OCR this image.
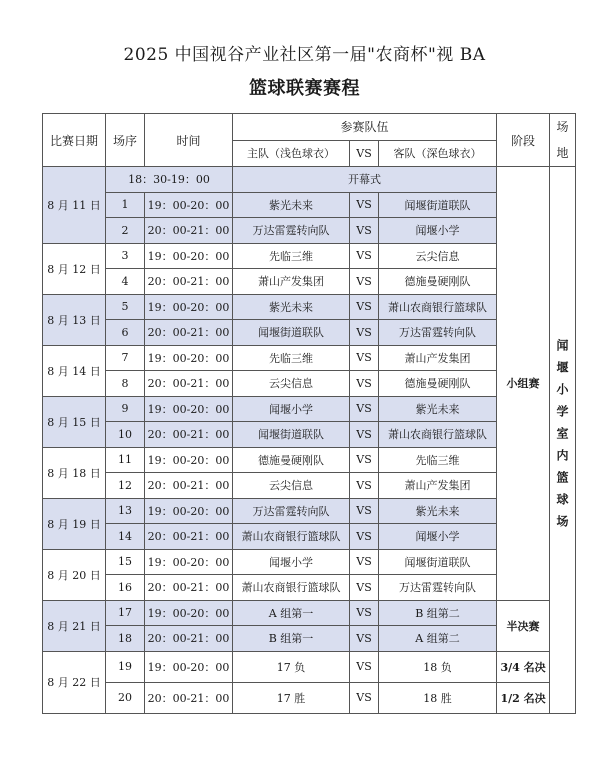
2025 中国视谷产业社区第一届"农商杯"视 BA
篮球联赛赛程
比赛日期	场序	时间	参赛队伍			阶段	场地
			主队（浅色球衣）	VS	客队（深色球衣）		
8 月 11 日	18：30-19：00		开幕式			小组赛	闻堰小学室内篮球场
	1	19：00-20：00	紫光未来	VS	闻堰街道联队		
	2	20：00-21：00	万达雷霆转向队	VS	闻堰小学		
8 月 12 日	3	19：00-20：00	先临三维	VS	云尖信息		
	4	20：00-21：00	萧山产发集团	VS	德施曼硬刚队		
8 月 13 日	5	19：00-20：00	紫光未来	VS	萧山农商银行篮球队		
	6	20：00-21：00	闻堰街道联队	VS	万达雷霆转向队		
8 月 14 日	7	19：00-20：00	先临三维	VS	萧山产发集团		
	8	20：00-21：00	云尖信息	VS	德施曼硬刚队		
8 月 15 日	9	19：00-20：00	闻堰小学	VS	紫光未来		
	10	20：00-21：00	闻堰街道联队	VS	萧山农商银行篮球队		
8 月 18 日	11	19：00-20：00	德施曼硬刚队	VS	先临三维		
	12	20：00-21：00	云尖信息	VS	萧山产发集团		
8 月 19 日	13	19：00-20：00	万达雷霆转向队	VS	紫光未来		
	14	20：00-21：00	萧山农商银行篮球队	VS	闻堰小学		
8 月 20 日	15	19：00-20：00	闻堰小学	VS	闻堰街道联队		
	16	20：00-21：00	萧山农商银行篮球队	VS	万达雷霆转向队		
8 月 21 日	17	19：00-20：00	A 组第一	VS	B 组第二	半决赛	
	18	20：00-21：00	B 组第一	VS	A 组第二		
8 月 22 日	19	19：00-20：00	17 负	VS	18 负	3/4 名决	
	20	20：00-21：00	17 胜	VS	18 胜	1/2 名决	
